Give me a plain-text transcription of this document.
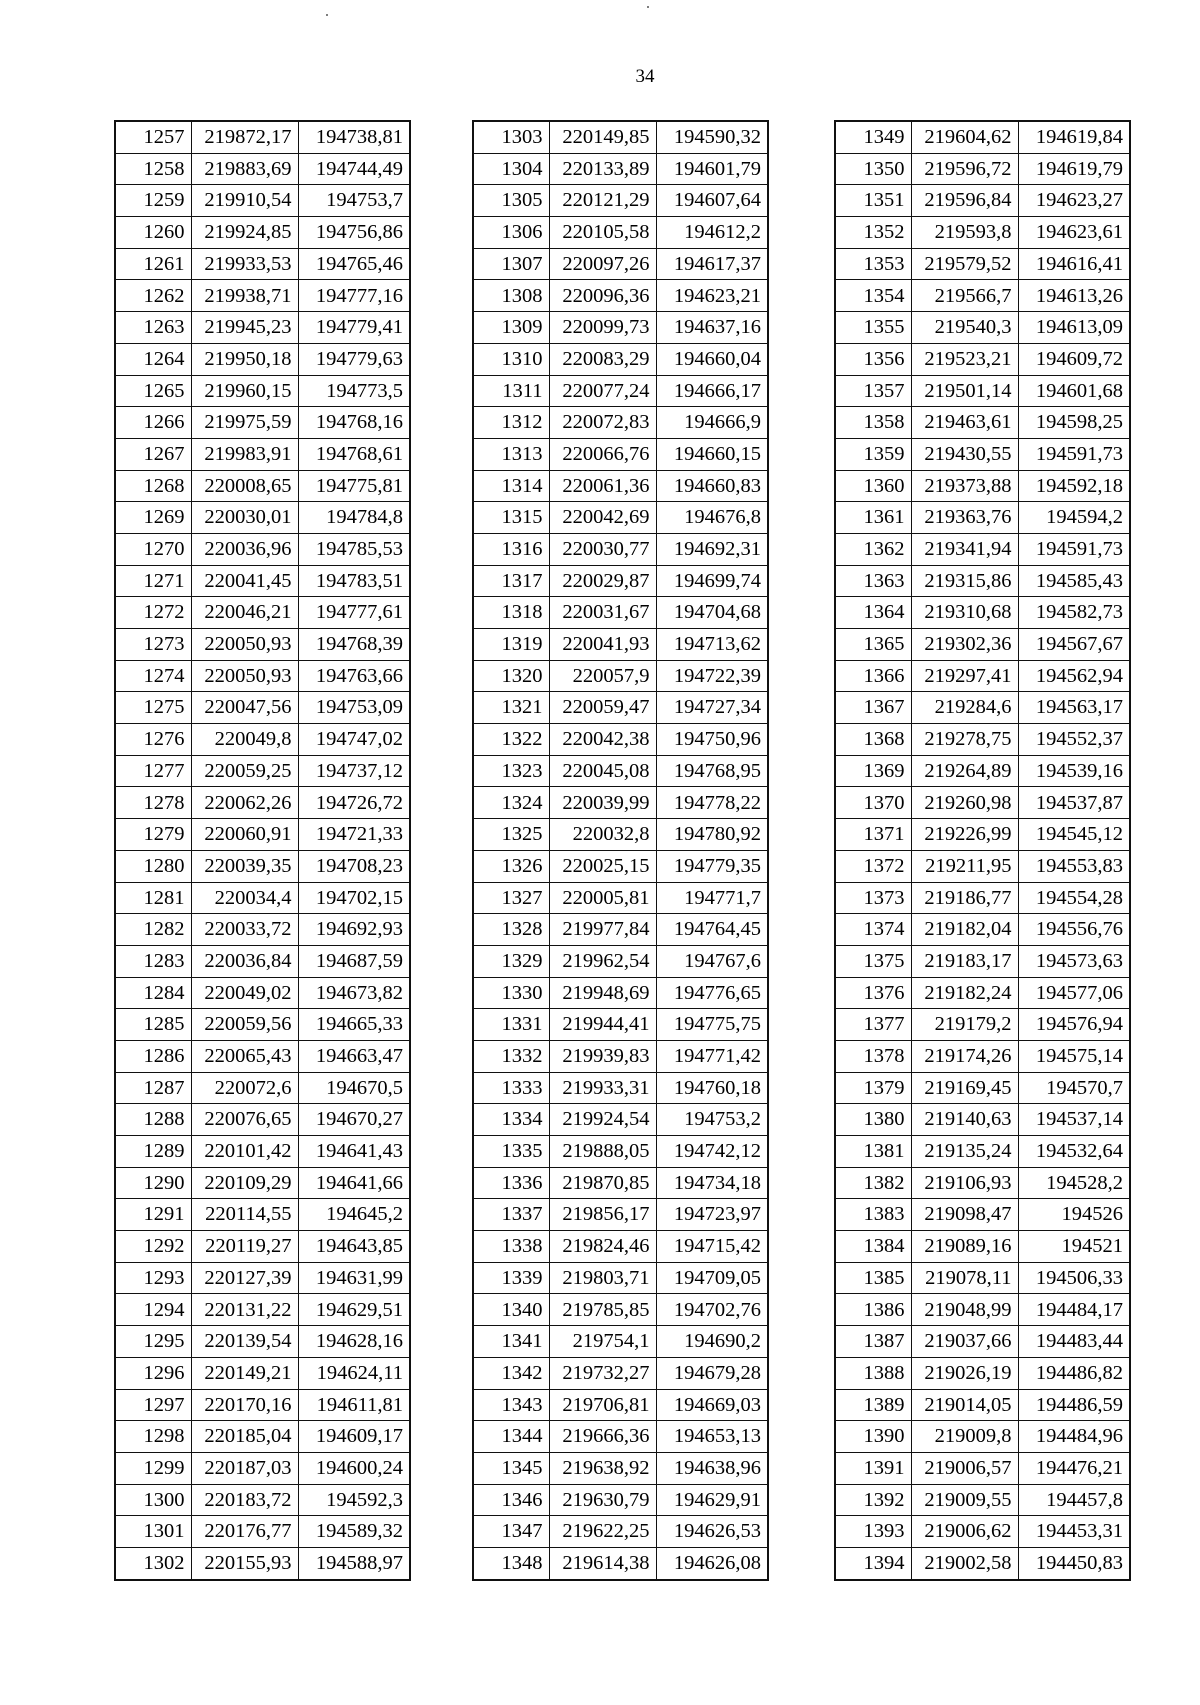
34
1257	219872,17	194738,81
1258	219883,69	194744,49
1259	219910,54	194753,7
1260	219924,85	194756,86
1261	219933,53	194765,46
1262	219938,71	194777,16
1263	219945,23	194779,41
1264	219950,18	194779,63
1265	219960,15	194773,5
1266	219975,59	194768,16
1267	219983,91	194768,61
1268	220008,65	194775,81
1269	220030,01	194784,8
1270	220036,96	194785,53
1271	220041,45	194783,51
1272	220046,21	194777,61
1273	220050,93	194768,39
1274	220050,93	194763,66
1275	220047,56	194753,09
1276	220049,8	194747,02
1277	220059,25	194737,12
1278	220062,26	194726,72
1279	220060,91	194721,33
1280	220039,35	194708,23
1281	220034,4	194702,15
1282	220033,72	194692,93
1283	220036,84	194687,59
1284	220049,02	194673,82
1285	220059,56	194665,33
1286	220065,43	194663,47
1287	220072,6	194670,5
1288	220076,65	194670,27
1289	220101,42	194641,43
1290	220109,29	194641,66
1291	220114,55	194645,2
1292	220119,27	194643,85
1293	220127,39	194631,99
1294	220131,22	194629,51
1295	220139,54	194628,16
1296	220149,21	194624,11
1297	220170,16	194611,81
1298	220185,04	194609,17
1299	220187,03	194600,24
1300	220183,72	194592,3
1301	220176,77	194589,32
1302	220155,93	194588,97
1303	220149,85	194590,32
1304	220133,89	194601,79
1305	220121,29	194607,64
1306	220105,58	194612,2
1307	220097,26	194617,37
1308	220096,36	194623,21
1309	220099,73	194637,16
1310	220083,29	194660,04
1311	220077,24	194666,17
1312	220072,83	194666,9
1313	220066,76	194660,15
1314	220061,36	194660,83
1315	220042,69	194676,8
1316	220030,77	194692,31
1317	220029,87	194699,74
1318	220031,67	194704,68
1319	220041,93	194713,62
1320	220057,9	194722,39
1321	220059,47	194727,34
1322	220042,38	194750,96
1323	220045,08	194768,95
1324	220039,99	194778,22
1325	220032,8	194780,92
1326	220025,15	194779,35
1327	220005,81	194771,7
1328	219977,84	194764,45
1329	219962,54	194767,6
1330	219948,69	194776,65
1331	219944,41	194775,75
1332	219939,83	194771,42
1333	219933,31	194760,18
1334	219924,54	194753,2
1335	219888,05	194742,12
1336	219870,85	194734,18
1337	219856,17	194723,97
1338	219824,46	194715,42
1339	219803,71	194709,05
1340	219785,85	194702,76
1341	219754,1	194690,2
1342	219732,27	194679,28
1343	219706,81	194669,03
1344	219666,36	194653,13
1345	219638,92	194638,96
1346	219630,79	194629,91
1347	219622,25	194626,53
1348	219614,38	194626,08
1349	219604,62	194619,84
1350	219596,72	194619,79
1351	219596,84	194623,27
1352	219593,8	194623,61
1353	219579,52	194616,41
1354	219566,7	194613,26
1355	219540,3	194613,09
1356	219523,21	194609,72
1357	219501,14	194601,68
1358	219463,61	194598,25
1359	219430,55	194591,73
1360	219373,88	194592,18
1361	219363,76	194594,2
1362	219341,94	194591,73
1363	219315,86	194585,43
1364	219310,68	194582,73
1365	219302,36	194567,67
1366	219297,41	194562,94
1367	219284,6	194563,17
1368	219278,75	194552,37
1369	219264,89	194539,16
1370	219260,98	194537,87
1371	219226,99	194545,12
1372	219211,95	194553,83
1373	219186,77	194554,28
1374	219182,04	194556,76
1375	219183,17	194573,63
1376	219182,24	194577,06
1377	219179,2	194576,94
1378	219174,26	194575,14
1379	219169,45	194570,7
1380	219140,63	194537,14
1381	219135,24	194532,64
1382	219106,93	194528,2
1383	219098,47	194526
1384	219089,16	194521
1385	219078,11	194506,33
1386	219048,99	194484,17
1387	219037,66	194483,44
1388	219026,19	194486,82
1389	219014,05	194486,59
1390	219009,8	194484,96
1391	219006,57	194476,21
1392	219009,55	194457,8
1393	219006,62	194453,31
1394	219002,58	194450,83
